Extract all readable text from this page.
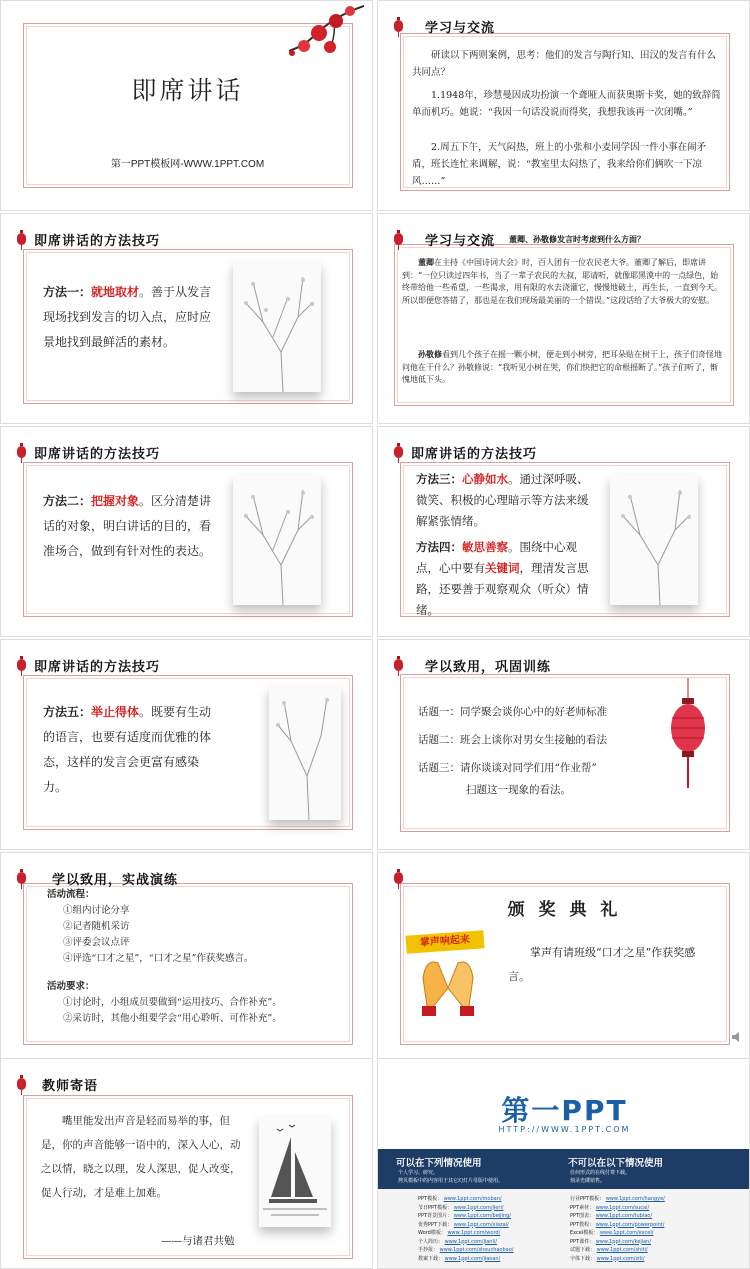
即席讲话
第一PPT模板网-WWW.1PPT.COM
学习与交流
研读以下两则案例，思考：他们的发言与陶行知、田汉的发言有什么共同点？
1.1948年，珍慧曼因成功扮演一个聋哑人而获奥斯卡奖，她的致辞简单而机巧。她说：“我因一句话没说而得奖，我想我该再一次闭嘴。”
2.周五下午，天气闷热，班上的小张和小麦同学因一件小事在闹矛盾，班长连忙来调解，说：“教室里太闷热了，我来给你们俩吹一下凉风……”
即席讲话的方法技巧
方法一：就地取材。善于从发言现场找到发言的切入点，应时应景地找到最鲜活的素材。
学习与交流 董卿、孙敬修发言时考虑到什么方面？
董卿在主持《中国诗词大会》时，百人团有一位农民老大爷。董卿了解后，即席讲到：“一位只读过四年书，当了一辈子农民的大叔，耶请听，就像耶黑漠中的一点绿色，始终带给他一些希望，一些渴求，用有限的水去浇灌它，慢慢地破土，再生长，一直到今天。所以即便您答错了，那也是在我们现场最美丽的一个错误。”这段话给了大爷极大的安慰。
孙敬修看到几个孩子在摇一颗小树，便走到小树旁，把耳朵贴在树干上，孩子们奇怪地问他在干什么？孙敬修说：“我听见小树在哭，你们快把它的命根摇断了。”孩子们听了，惭愧地低下头。
即席讲话的方法技巧
方法二：把握对象。区分清楚讲话的对象，明白讲话的目的，看准场合，做到有针对性的表达。
即席讲话的方法技巧
方法三：心静如水。通过深呼吸、微笑、积极的心理暗示等方法来缓解紧张情绪。
方法四：敏思善察。围绕中心观点，心中要有关键词，理清发言思路，还要善于观察观众（听众）情绪。
即席讲话的方法技巧
方法五：举止得体。既要有生动的语言，也要有适度而优雅的体态，这样的发言会更富有感染力。
学以致用，巩固训练
话题一：同学聚会谈你心中的好老师标准
话题二：班会上谈你对男女生接触的看法
话题三：请你谈谈对同学们用“作业帮”
扫题这一现象的看法。
学以致用，实战演练
活动流程：
①组内讨论分享
②记者随机采访
③评委会议点评
④评选“口才之星”，“口才之星”作获奖感言。
活动要求：
①讨论时，小组成员要做到“运用技巧、合作补充”。
②采访时，其他小组要学会“用心聆听、可作补充”。
颁 奖 典 礼
掌声响起来
掌声有请班级“口才之星”作获奖感言。
教师寄语
嘴里能发出声音是轻而易举的事，但是，你的声音能够一语中的，深入人心，动之以情，晓之以理，发人深思，促人改变，促人行动，才是难上加难。
——与诸君共勉
第一PPT
HTTP://WWW.1PPT.COM
可以在下列情况使用
个人学习、研究。
拷贝模板中的内容用于其它幻灯片母版中使用。
不可以在以下情况使用
任何形式的在线付费下载。
刻录光碟销售。
PPT模板： www.1ppt.com/moban/
节日PPT模板： www.1ppt.com/jieri/
PPT背景图片： www.1ppt.com/beijing/
优秀PPT下载： www.1ppt.com/xiazai/
Word模板： www.1ppt.com/word/
个人简历： www.1ppt.com/jianli/
手抄报： www.1ppt.com/shouchaobao/
教案下载： www.1ppt.com/jiaoan/
行业PPT模板： www.1ppt.com/hangye/
PPT素材： www.1ppt.com/sucai/
PPT图表： www.1ppt.com/tubiao/
PPT教程： www.1ppt.com/powerpoint/
Excel模板： www.1ppt.com/excel/
PPT课件： www.1ppt.com/kejian/
试题下载： www.1ppt.com/shiti/
字体下载： www.1ppt.com/ziti/
